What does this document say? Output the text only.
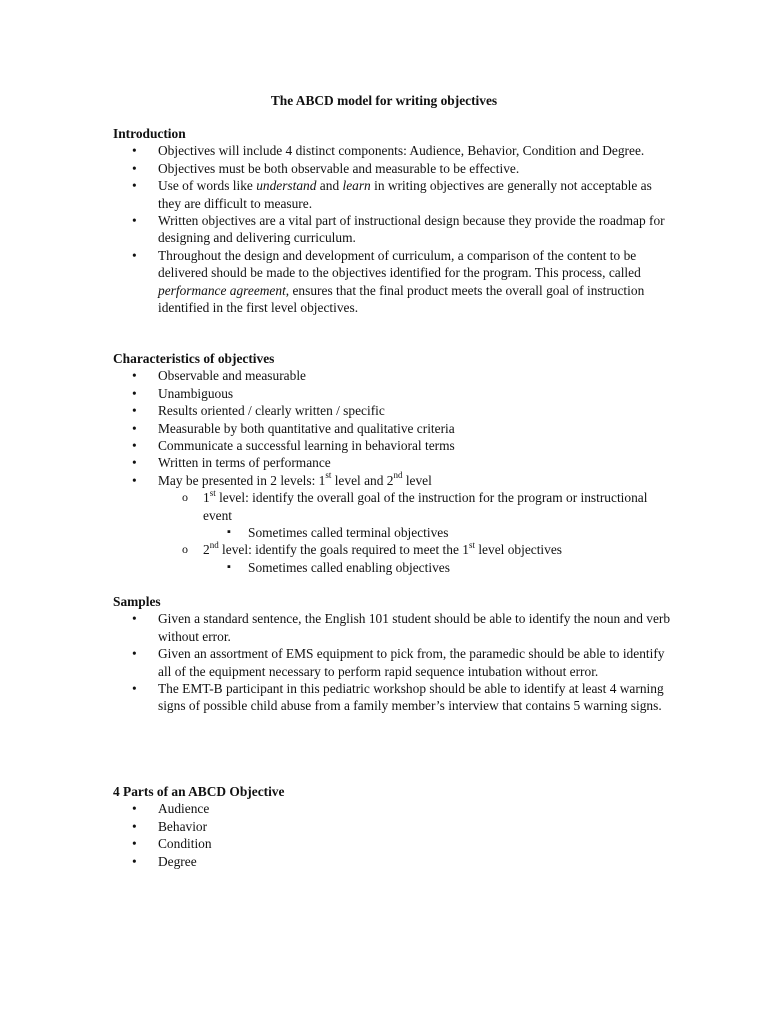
The ABCD model for writing objectives
Introduction
• Objectives will include 4 distinct components: Audience, Behavior, Condition and Degree.
• Objectives must be both observable and measurable to be effective.
• Use of words like understand and learn in writing objectives are generally not acceptable as they are difficult to measure.
• Written objectives are a vital part of instructional design because they provide the roadmap for designing and delivering curriculum.
• Throughout the design and development of curriculum, a comparison of the content to be delivered should be made to the objectives identified for the program. This process, called performance agreement, ensures that the final product meets the overall goal of instruction identified in the first level objectives.
Characteristics of objectives
• Observable and measurable
• Unambiguous
• Results oriented / clearly written / specific
• Measurable by both quantitative and qualitative criteria
• Communicate a successful learning in behavioral terms
• Written in terms of performance
• May be presented in 2 levels: 1st level and 2nd level
o 1st level: identify the overall goal of the instruction for the program or instructional event
▪ Sometimes called terminal objectives
o 2nd level: identify the goals required to meet the 1st level objectives
▪ Sometimes called enabling objectives
Samples
• Given a standard sentence, the English 101 student should be able to identify the noun and verb without error.
• Given an assortment of EMS equipment to pick from, the paramedic should be able to identify all of the equipment necessary to perform rapid sequence intubation without error.
• The EMT-B participant in this pediatric workshop should be able to identify at least 4 warning signs of possible child abuse from a family member’s interview that contains 5 warning signs.
4 Parts of an ABCD Objective
• Audience
• Behavior
• Condition
• Degree
